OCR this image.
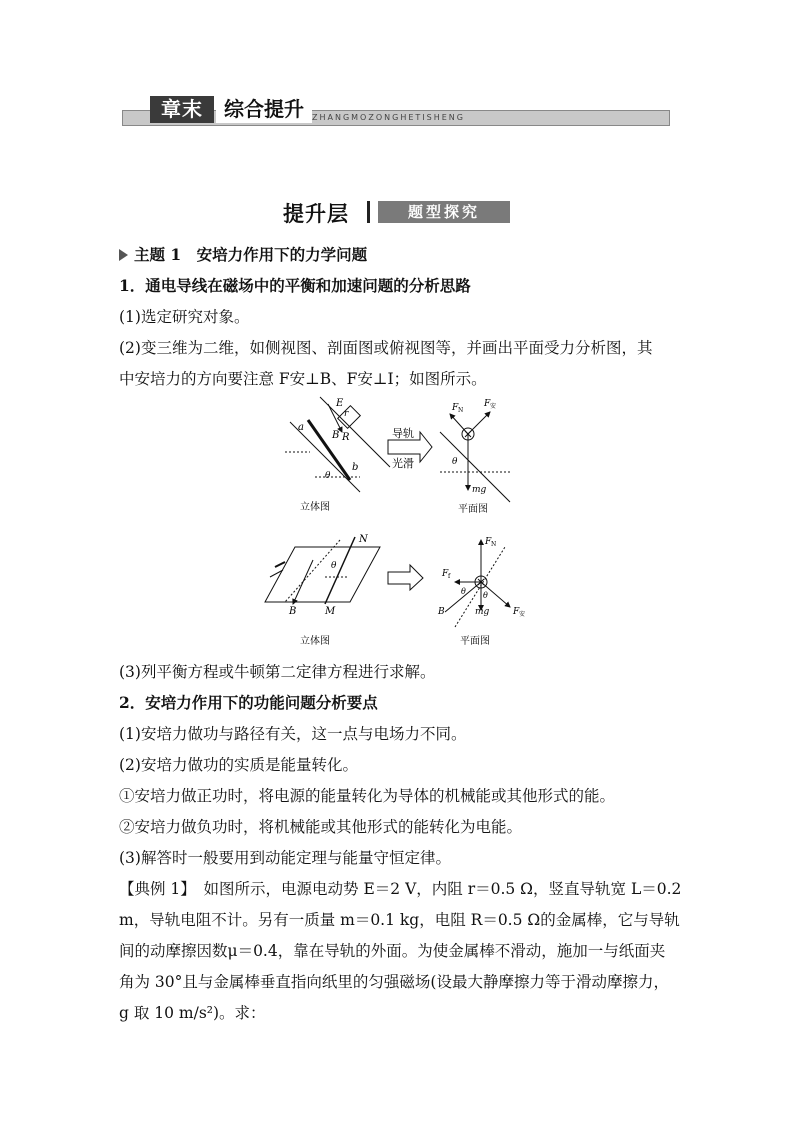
章末	综合提升	ZHANGMOZONGHETISHENG
提升层	题型探究
主题 1　安培力作用下的力学问题
1．通电导线在磁场中的平衡和加速问题的分析思路
(1)选定研究对象。
(2)变三维为二维，如侧视图、剖面图或俯视图等，并画出平面受力分析图，其
中安培力的方向要注意 F安⊥B、F安⊥I；如图所示。
a
b
E
r
B R
θ
导轨
光滑
F N
F 安
mg
θ
立体图	平面图
N
M
B
θ
F N
F f
F 安
mg
B
θ θ
立体图	平面图
(3)列平衡方程或牛顿第二定律方程进行求解。
2．安培力作用下的功能问题分析要点
(1)安培力做功与路径有关，这一点与电场力不同。
(2)安培力做功的实质是能量转化。
①安培力做正功时，将电源的能量转化为导体的机械能或其他形式的能。
②安培力做负功时，将机械能或其他形式的能转化为电能。
(3)解答时一般要用到动能定理与能量守恒定律。
【典例 1】　如图所示，电源电动势 E＝2 V，内阻 r＝0.5 Ω，竖直导轨宽 L＝0.2
m，导轨电阻不计。另有一质量 m＝0.1 kg，电阻 R＝0.5 Ω的金属棒，它与导轨
间的动摩擦因数μ＝0.4，靠在导轨的外面。为使金属棒不滑动，施加一与纸面夹
角为 30°且与金属棒垂直指向纸里的匀强磁场(设最大静摩擦力等于滑动摩擦力，
g 取 10 m/s²)。求：
